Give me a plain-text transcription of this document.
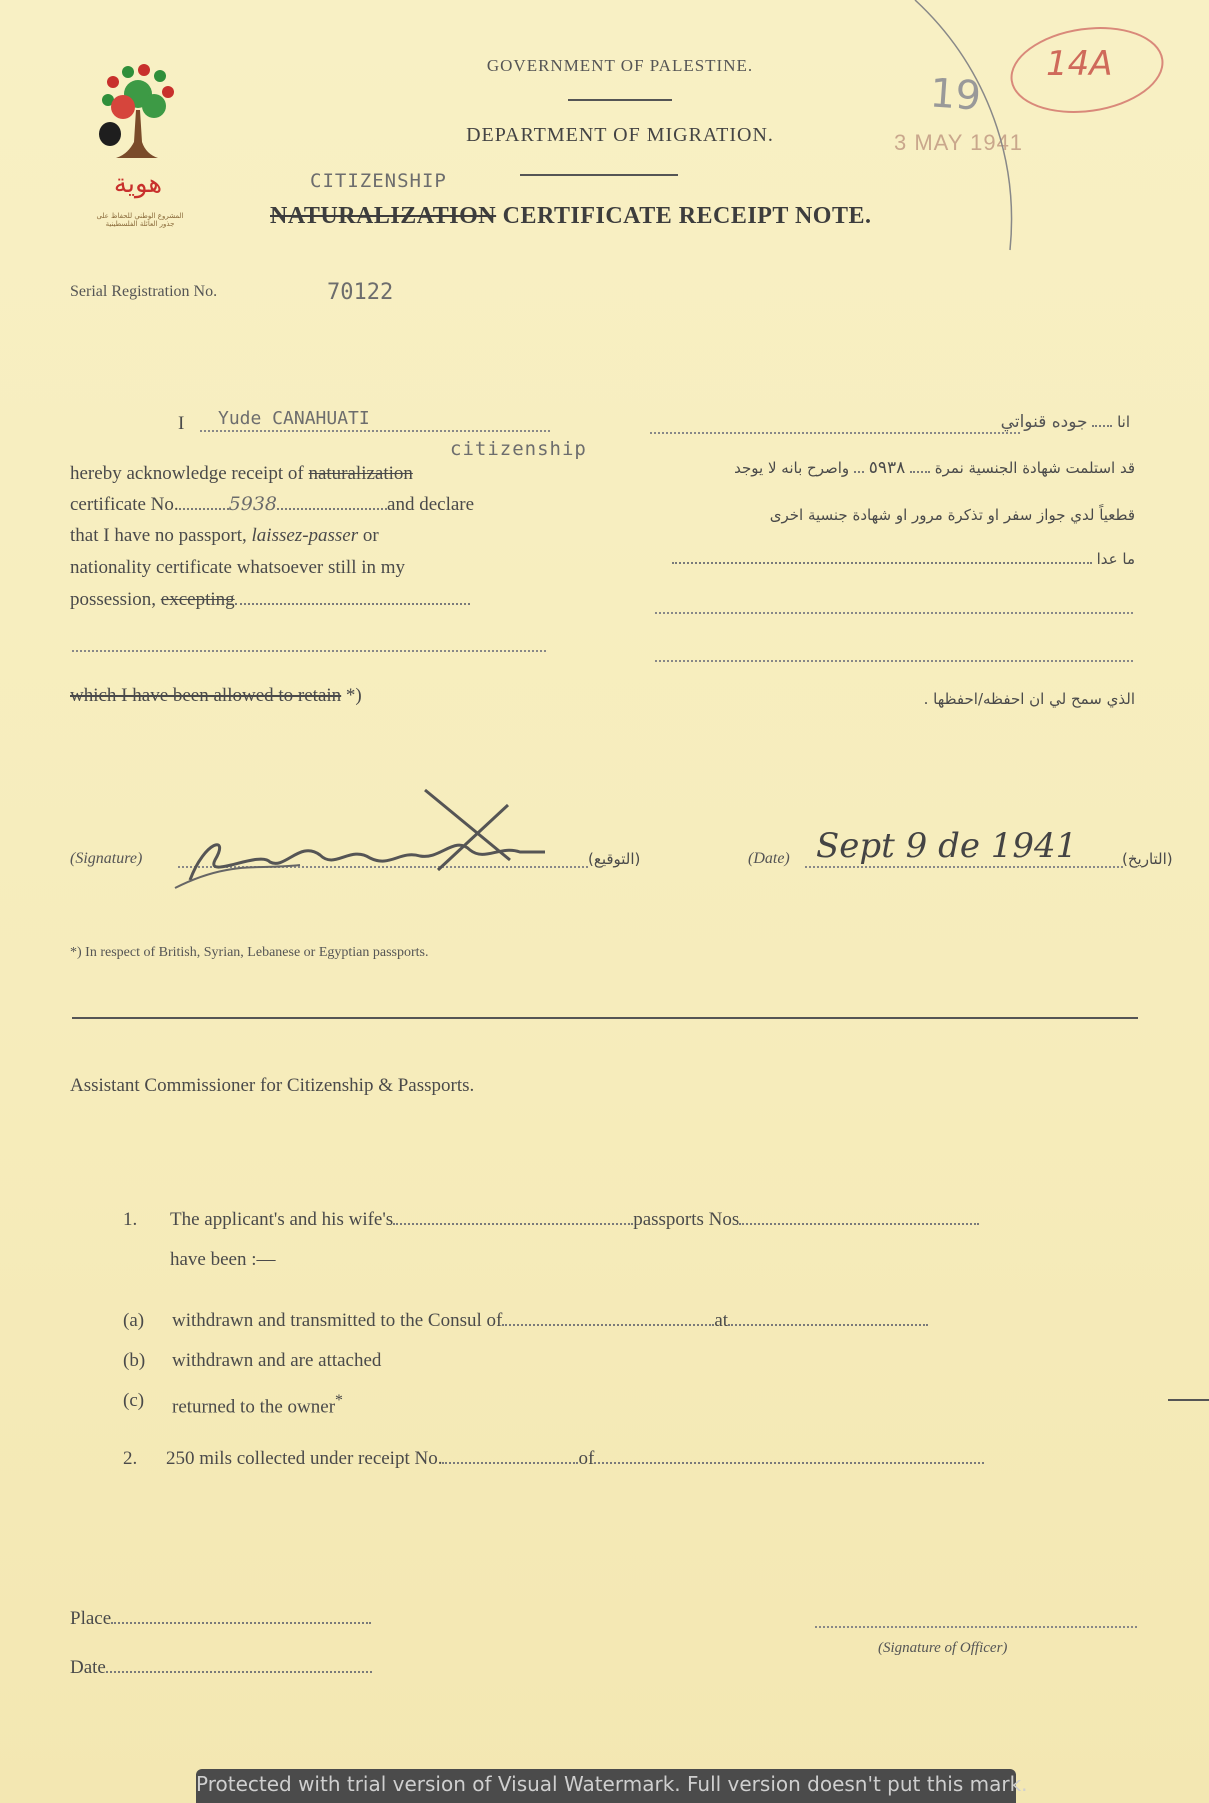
هوية
المشروع الوطني للحفاظ على جذور العائلة الفلسطينية
GOVERNMENT OF PALESTINE.
DEPARTMENT OF MIGRATION.
CITIZENSHIP
NATURALIZATION CERTIFICATE RECEIPT NOTE.
19
3 MAY 1941
14A
Serial Registration No.	70122
I Yude CANAHUATI
citizenship
hereby acknowledge receipt of naturalization
certificate No.	5938	and declare
that I have no passport, laissez-passer or
nationality certificate whatsoever still in my
possession, excepting
which I have been allowed to retain *)
انا  جوده قنواتي
قد استلمت شهادة الجنسية نمرة  ٥٩٣٨  واصرح بانه لا يوجد
قطعياً لدي جواز سفر او تذكرة مرور او شهادة جنسية اخرى
ما عدا
الذي سمح لي ان احفظه/احفظها .
(Signature)	(التوقيع)	(Date) Sept 9 de 1941	(التاريخ)
*) In respect of British, Syrian, Lebanese or Egyptian passports.
Assistant Commissioner for Citizenship & Passports.
1. The applicant's and his wife's	passports Nos
have been :—
(a) withdrawn and transmitted to the Consul of	at
(b) withdrawn and are attached
(c) returned to the owner*
2. 250 mils collected under receipt No.	of
Place
Date
(Signature of Officer)
Protected with trial version of Visual Watermark. Full version doesn't put this mark.
